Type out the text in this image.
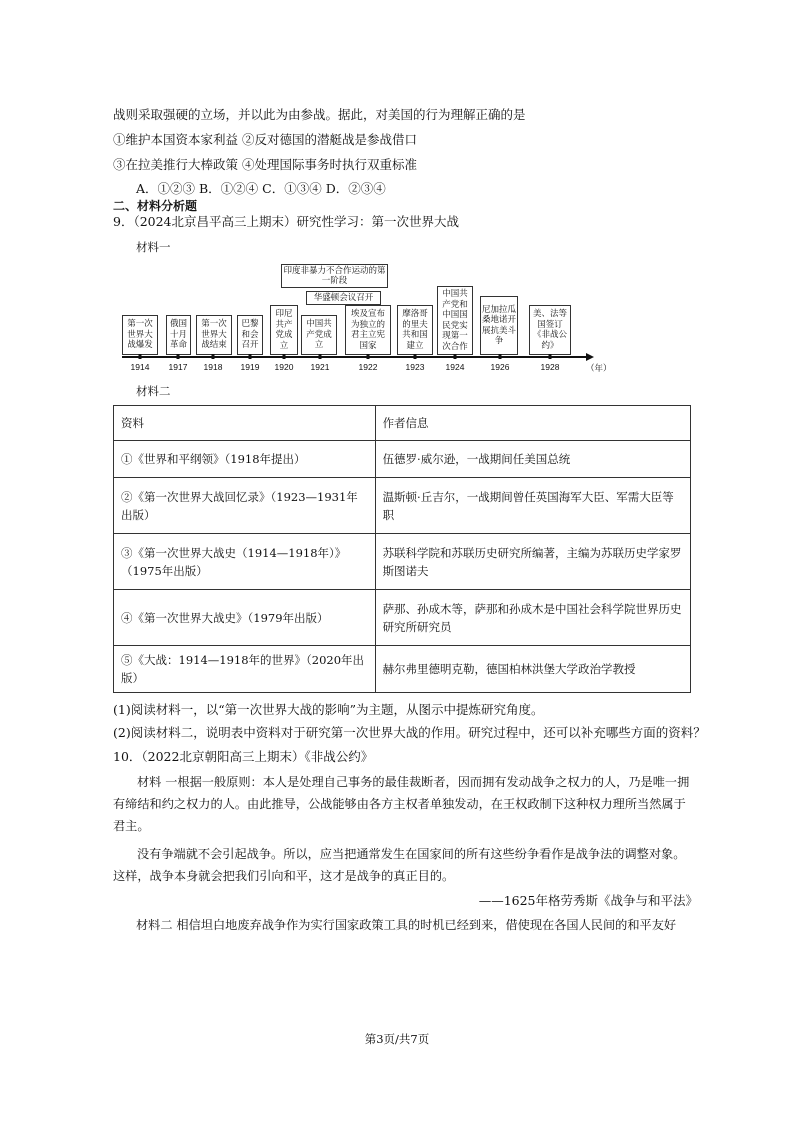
战则采取强硬的立场，并以此为由参战。据此，对美国的行为理解正确的是
①维护本国资本家利益 ②反对德国的潜艇战是参战借口
③在拉美推行大棒政策 ④处理国际事务时执行双重标准
A．①②③ B．①②④ C．①③④ D．②③④
二、材料分析题
9．（2024北京昌平高三上期末）研究性学习：第一次世界大战
材料一
印度非暴力不合作运动的第一阶段
华盛顿会议召开
第一次世界大战爆发
俄国十月革命
第一次世界大战结束
巴黎和会召开
印尼共产党成立
中国共产党成立
埃及宣布为独立的君主立宪国家
摩洛哥的里夫共和国建立
中国共产党和中国国民党实现第一次合作
尼加拉瓜桑地诺开展抗美斗争
美、法等国签订《非战公约》
1914 1917 1918 1919 1920 1921	1922	1923 1924	1926	1928	（年）
材料二
资料	作者信息
①《世界和平纲领》（1918年提出）	伍德罗·威尔逊，一战期间任美国总统
②《第一次世界大战回忆录》（1923—1931年出版）	温斯顿·丘吉尔，一战期间曾任英国海军大臣、军需大臣等职
③《第一次世界大战史（1914—1918年）》（1975年出版）	苏联科学院和苏联历史研究所编著，主编为苏联历史学家罗斯图诺夫
④《第一次世界大战史》（1979年出版）	萨那、孙成木等，萨那和孙成木是中国社会科学院世界历史研究所研究员
⑤《大战：1914—1918年的世界》（2020年出版）	赫尔弗里德明克勒，德国柏林洪堡大学政治学教授
(1)阅读材料一，以“第一次世界大战的影响”为主题，从图示中提炼研究角度。
(2)阅读材料二，说明表中资料对于研究第一次世界大战的作用。研究过程中，还可以补充哪些方面的资料？
10．（2022北京朝阳高三上期末）《非战公约》
材料 一根据一般原则：本人是处理自己事务的最佳裁断者，因而拥有发动战争之权力的人，乃是唯一拥有缔结和约之权力的人。由此推导，公战能够由各方主权者单独发动，在王权政制下这种权力理所当然属于君主。
没有争端就不会引起战争。所以，应当把通常发生在国家间的所有这些纷争看作是战争法的调整对象。这样，战争本身就会把我们引向和平，这才是战争的真正目的。
——1625年格劳秀斯《战争与和平法》
材料二 相信坦白地废弃战争作为实行国家政策工具的时机已经到来，借使现在各国人民间的和平友好
第3页/共7页
